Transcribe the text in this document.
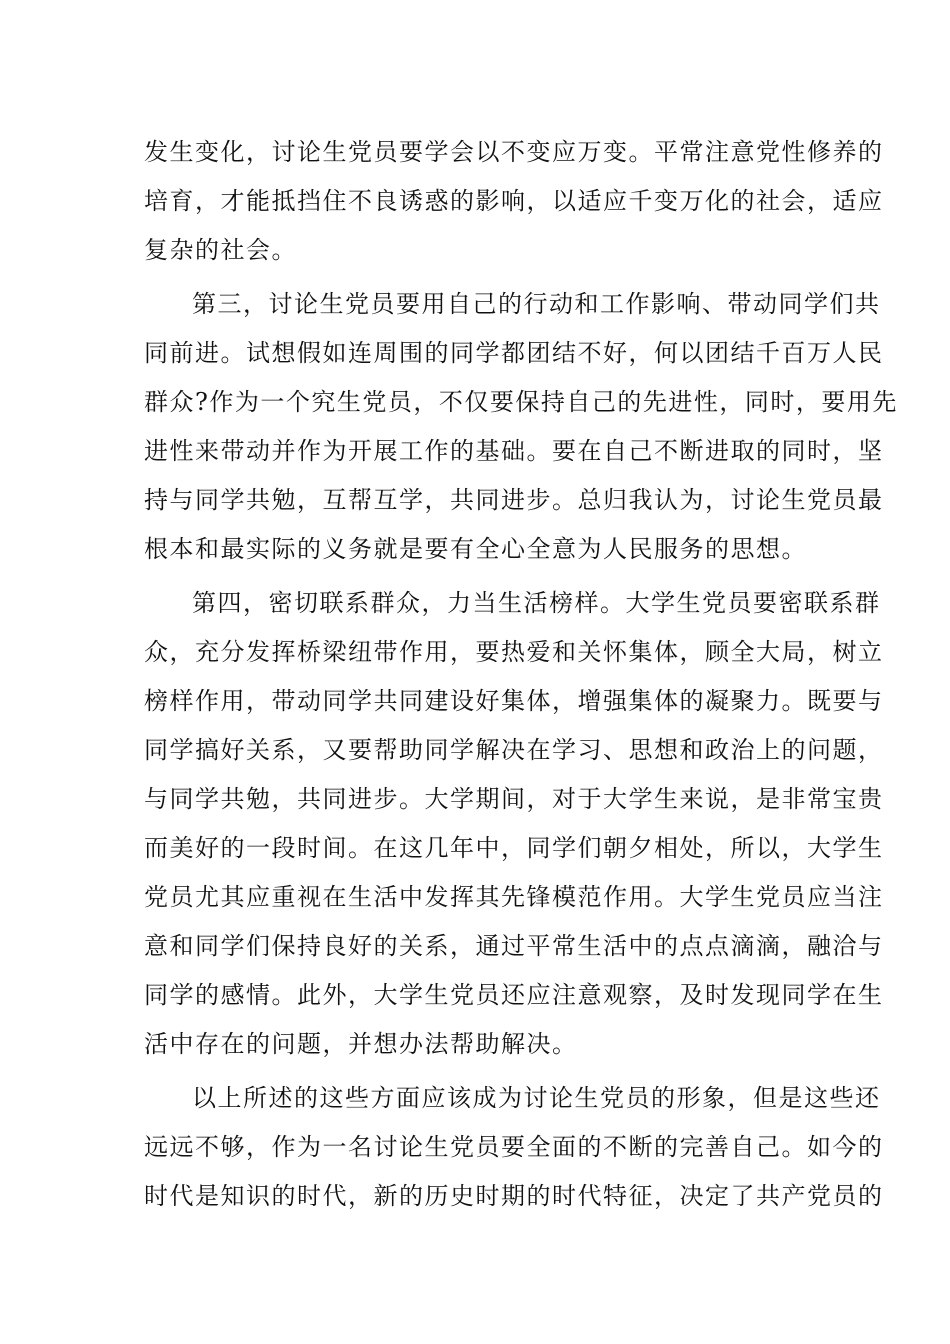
发生变化，讨论生党员要学会以不变应万变。平常注意党性修养的
培育，才能抵挡住不良诱惑的影响，以适应千变万化的社会，适应
复杂的社会。
第三，讨论生党员要用自己的行动和工作影响、带动同学们共
同前进。试想假如连周围的同学都团结不好，何以团结千百万人民
群众?作为一个究生党员，不仅要保持自己的先进性，同时，要用先
进性来带动并作为开展工作的基础。要在自己不断进取的同时，坚
持与同学共勉，互帮互学，共同进步。总归我认为，讨论生党员最
根本和最实际的义务就是要有全心全意为人民服务的思想。
第四，密切联系群众，力当生活榜样。大学生党员要密联系群
众，充分发挥桥梁纽带作用，要热爱和关怀集体，顾全大局，树立
榜样作用，带动同学共同建设好集体，增强集体的凝聚力。既要与
同学搞好关系，又要帮助同学解决在学习、思想和政治上的问题，
与同学共勉，共同进步。大学期间，对于大学生来说，是非常宝贵
而美好的一段时间。在这几年中，同学们朝夕相处，所以，大学生
党员尤其应重视在生活中发挥其先锋模范作用。大学生党员应当注
意和同学们保持良好的关系，通过平常生活中的点点滴滴，融洽与
同学的感情。此外，大学生党员还应注意观察，及时发现同学在生
活中存在的问题，并想办法帮助解决。
以上所述的这些方面应该成为讨论生党员的形象，但是这些还
远远不够，作为一名讨论生党员要全面的不断的完善自己。如今的
时代是知识的时代，新的历史时期的时代特征，决定了共产党员的
